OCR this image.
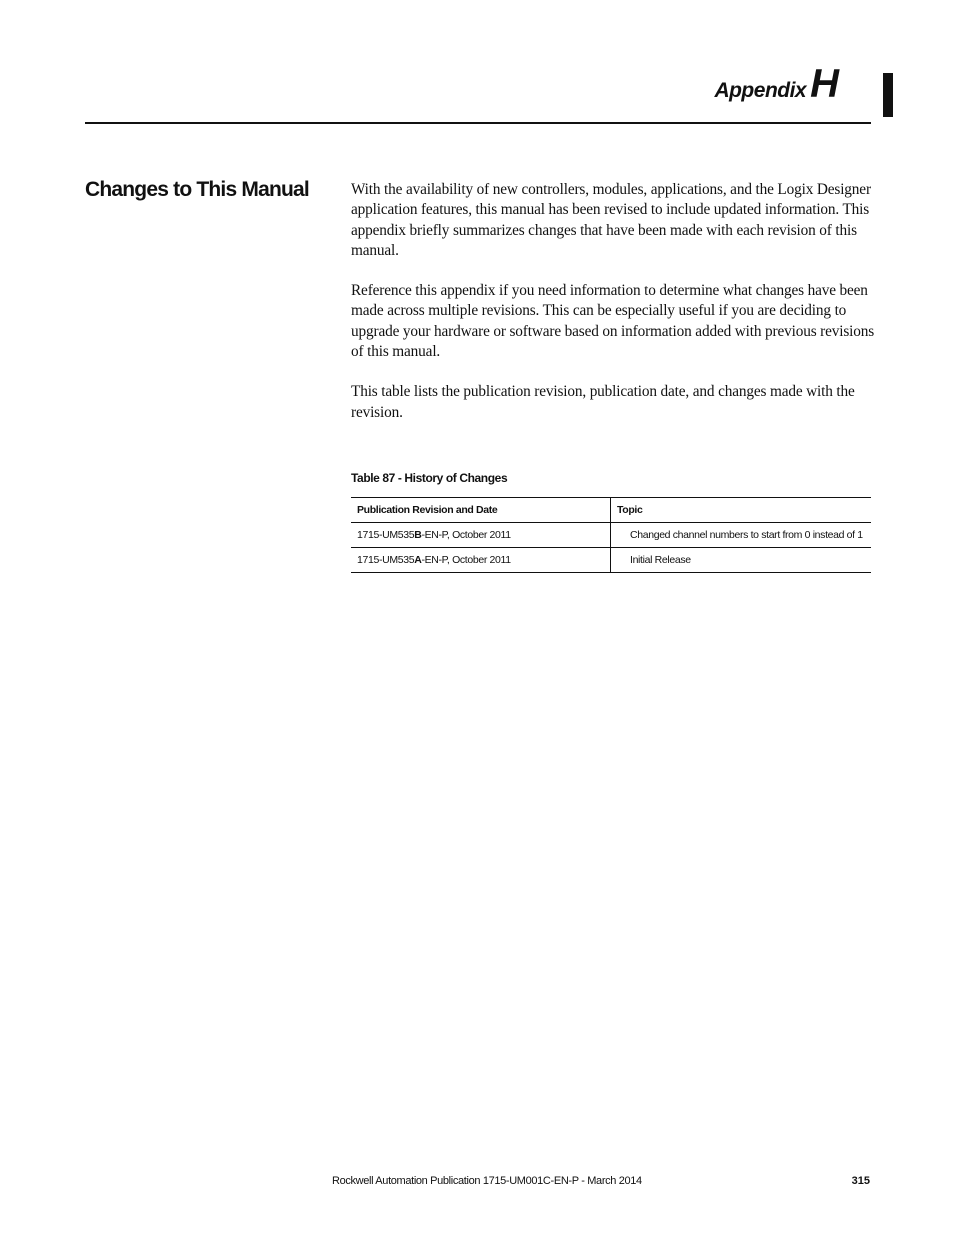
Appendix H
Changes to This Manual	With the availability of new controllers, modules, applications, and the Logix Designer application features, this manual has been revised to include updated information. This appendix briefly summarizes changes that have been made with each revision of this manual.

Reference this appendix if you need information to determine what changes have been made across multiple revisions. This can be especially useful if you are deciding to upgrade your hardware or software based on information added with previous revisions of this manual.

This table lists the publication revision, publication date, and changes made with the revision.

Table 87 - History of Changes
Publication Revision and Date	Topic
1715-UM535B-EN-P, October 2011	Changed channel numbers to start from 0 instead of 1
1715-UM535A-EN-P, October 2011	Initial Release
Rockwell Automation Publication 1715-UM001C-EN-P - March 2014	315
